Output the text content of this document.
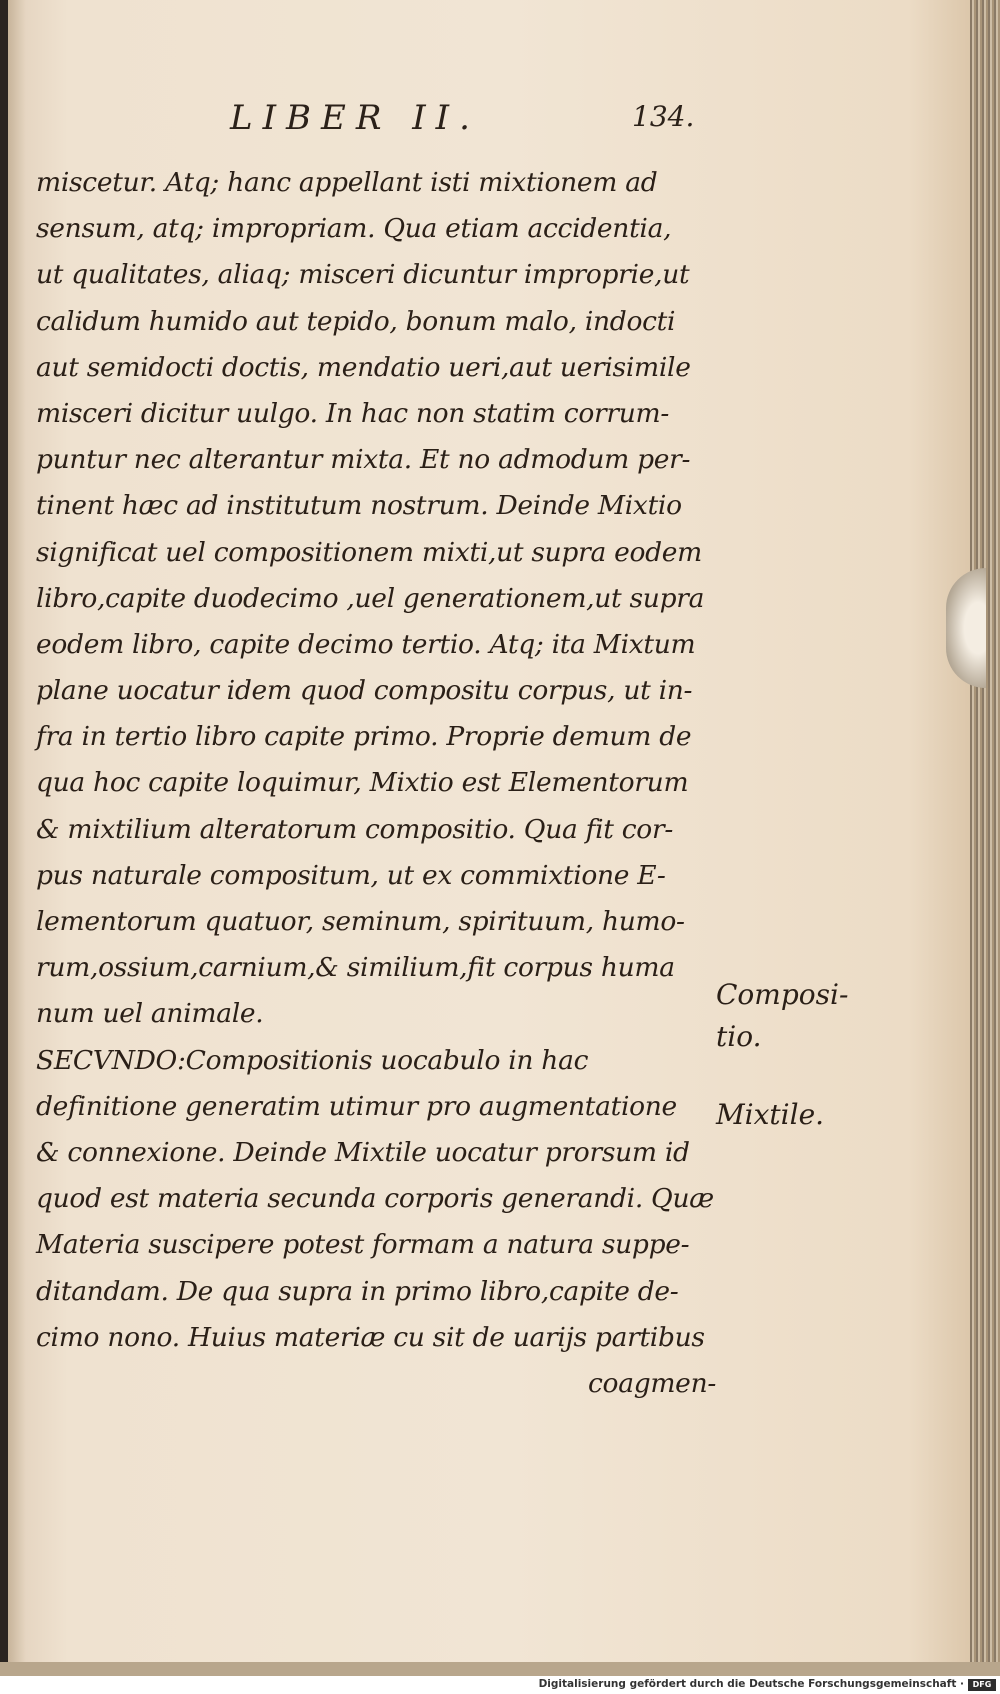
LIBER II.	134.
miscetur. Atq; hanc appellant isti mixtionem ad
sensum, atq; impropriam. Qua etiam accidentia,
ut qualitates, aliaq; misceri dicuntur improprie,ut
calidum humido aut tepido, bonum malo, indocti
aut semidocti doctis, mendatio ueri,aut uerisimile
misceri dicitur uulgo. In hac non statim corrum-
puntur nec alterantur mixta. Et no admodum per-
tinent hæc ad institutum nostrum. Deinde Mixtio
significat uel compositionem mixti,ut supra eodem
libro,capite duodecimo ,uel generationem,ut supra
eodem libro, capite decimo tertio. Atq; ita Mixtum
plane uocatur idem quod compositu corpus, ut in-
fra in tertio libro capite primo. Proprie demum de
qua hoc capite loquimur, Mixtio est Elementorum
& mixtilium alteratorum compositio. Qua fit cor-
pus naturale compositum, ut ex commixtione E-
lementorum quatuor, seminum, spirituum, humo-
rum,ossium,carnium,& similium,fit corpus huma
num uel animale.
SECVNDO:Compositionis uocabulo in hac
definitione generatim utimur pro augmentatione
& connexione. Deinde Mixtile uocatur prorsum id
quod est materia secunda corporis generandi. Quæ
Materia suscipere potest formam a natura suppe-
ditandam. De qua supra in primo libro,capite de-
cimo nono. Huius materiæ cu sit de uarijs partibus
coagmen-
Composi-
tio.
Mixtile.
Digitalisierung gefördert durch die Deutsche Forschungsgemeinschaft ·	DFG
